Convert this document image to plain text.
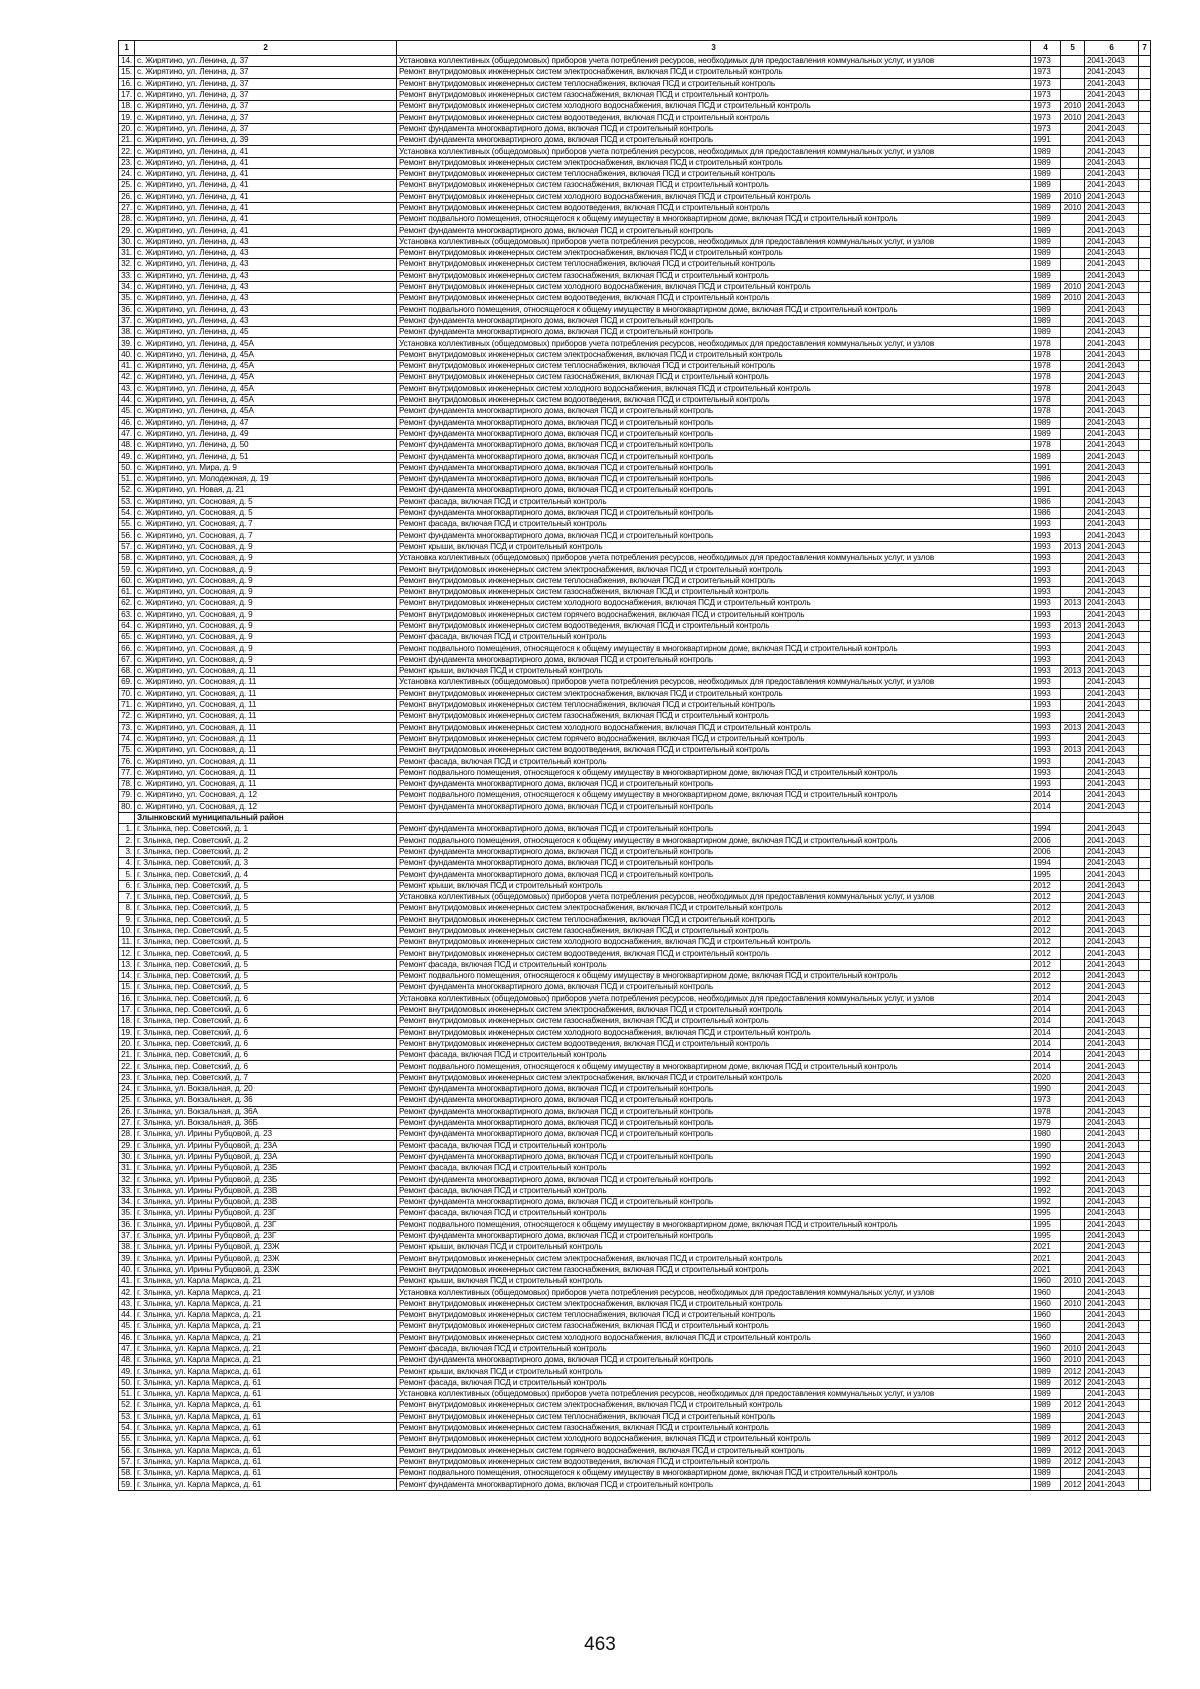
1	2	3	4	5	6	7
14.	с. Жирятино, ул. Ленина, д. 37	Установка коллективных (общедомовых) приборов учета потребления ресурсов, необходимых для предоставления коммунальных услуг, и узлов	1973		2041-2043	
15.	с. Жирятино, ул. Ленина, д. 37	Ремонт внутридомовых инженерных систем электроснабжения, включая ПСД и строительный контроль	1973		2041-2043	
16.	с. Жирятино, ул. Ленина, д. 37	Ремонт внутридомовых инженерных систем теплоснабжения, включая ПСД и строительный контроль	1973		2041-2043	
17.	с. Жирятино, ул. Ленина, д. 37	Ремонт внутридомовых инженерных систем газоснабжения, включая ПСД и строительный контроль	1973		2041-2043	
18.	с. Жирятино, ул. Ленина, д. 37	Ремонт внутридомовых инженерных систем холодного водоснабжения, включая ПСД и строительный контроль	1973	2010	2041-2043	
19.	с. Жирятино, ул. Ленина, д. 37	Ремонт внутридомовых инженерных систем водоотведения, включая ПСД и строительный контроль	1973	2010	2041-2043	
20.	с. Жирятино, ул. Ленина, д. 37	Ремонт фундамента многоквартирного дома, включая ПСД и строительный контроль	1973		2041-2043	
21.	с. Жирятино, ул. Ленина, д. 39	Ремонт фундамента многоквартирного дома, включая ПСД и строительный контроль	1991		2041-2043	
22.	с. Жирятино, ул. Ленина, д. 41	Установка коллективных (общедомовых) приборов учета потребления ресурсов, необходимых для предоставления коммунальных услуг, и узлов	1989		2041-2043	
23.	с. Жирятино, ул. Ленина, д. 41	Ремонт внутридомовых инженерных систем электроснабжения, включая ПСД и строительный контроль	1989		2041-2043	
24.	с. Жирятино, ул. Ленина, д. 41	Ремонт внутридомовых инженерных систем теплоснабжения, включая ПСД и строительный контроль	1989		2041-2043	
25.	с. Жирятино, ул. Ленина, д. 41	Ремонт внутридомовых инженерных систем газоснабжения, включая ПСД и строительный контроль	1989		2041-2043	
26.	с. Жирятино, ул. Ленина, д. 41	Ремонт внутридомовых инженерных систем холодного водоснабжения, включая ПСД и строительный контроль	1989	2010	2041-2043	
27.	с. Жирятино, ул. Ленина, д. 41	Ремонт внутридомовых инженерных систем водоотведения, включая ПСД и строительный контроль	1989	2010	2041-2043	
28.	с. Жирятино, ул. Ленина, д. 41	Ремонт подвального помещения, относящегося к общему имуществу в многоквартирном доме, включая ПСД и строительный контроль	1989		2041-2043	
29.	с. Жирятино, ул. Ленина, д. 41	Ремонт фундамента многоквартирного дома, включая ПСД и строительный контроль	1989		2041-2043	
30.	с. Жирятино, ул. Ленина, д. 43	Установка коллективных (общедомовых) приборов учета потребления ресурсов, необходимых для предоставления коммунальных услуг, и узлов	1989		2041-2043	
31.	с. Жирятино, ул. Ленина, д. 43	Ремонт внутридомовых инженерных систем электроснабжения, включая ПСД и строительный контроль	1989		2041-2043	
32.	с. Жирятино, ул. Ленина, д. 43	Ремонт внутридомовых инженерных систем теплоснабжения, включая ПСД и строительный контроль	1989		2041-2043	
33.	с. Жирятино, ул. Ленина, д. 43	Ремонт внутридомовых инженерных систем газоснабжения, включая ПСД и строительный контроль	1989		2041-2043	
34.	с. Жирятино, ул. Ленина, д. 43	Ремонт внутридомовых инженерных систем холодного водоснабжения, включая ПСД и строительный контроль	1989	2010	2041-2043	
35.	с. Жирятино, ул. Ленина, д. 43	Ремонт внутридомовых инженерных систем водоотведения, включая ПСД и строительный контроль	1989	2010	2041-2043	
36.	с. Жирятино, ул. Ленина, д. 43	Ремонт подвального помещения, относящегося к общему имуществу в многоквартирном доме, включая ПСД и строительный контроль	1989		2041-2043	
37.	с. Жирятино, ул. Ленина, д. 43	Ремонт фундамента многоквартирного дома, включая ПСД и строительный контроль	1989		2041-2043	
38.	с. Жирятино, ул. Ленина, д. 45	Ремонт фундамента многоквартирного дома, включая ПСД и строительный контроль	1989		2041-2043	
39.	с. Жирятино, ул. Ленина, д. 45А	Установка коллективных (общедомовых) приборов учета потребления ресурсов, необходимых для предоставления коммунальных услуг, и узлов	1978		2041-2043	
40.	с. Жирятино, ул. Ленина, д. 45А	Ремонт внутридомовых инженерных систем электроснабжения, включая ПСД и строительный контроль	1978		2041-2043	
41.	с. Жирятино, ул. Ленина, д. 45А	Ремонт внутридомовых инженерных систем теплоснабжения, включая ПСД и строительный контроль	1978		2041-2043	
42.	с. Жирятино, ул. Ленина, д. 45А	Ремонт внутридомовых инженерных систем газоснабжения, включая ПСД и строительный контроль	1978		2041-2043	
43.	с. Жирятино, ул. Ленина, д. 45А	Ремонт внутридомовых инженерных систем холодного водоснабжения, включая ПСД и строительный контроль	1978		2041-2043	
44.	с. Жирятино, ул. Ленина, д. 45А	Ремонт внутридомовых инженерных систем водоотведения, включая ПСД и строительный контроль	1978		2041-2043	
45.	с. Жирятино, ул. Ленина, д. 45А	Ремонт фундамента многоквартирного дома, включая ПСД и строительный контроль	1978		2041-2043	
46.	с. Жирятино, ул. Ленина, д. 47	Ремонт фундамента многоквартирного дома, включая ПСД и строительный контроль	1989		2041-2043	
47.	с. Жирятино, ул. Ленина, д. 49	Ремонт фундамента многоквартирного дома, включая ПСД и строительный контроль	1989		2041-2043	
48.	с. Жирятино, ул. Ленина, д. 50	Ремонт фундамента многоквартирного дома, включая ПСД и строительный контроль	1978		2041-2043	
49.	с. Жирятино, ул. Ленина, д. 51	Ремонт фундамента многоквартирного дома, включая ПСД и строительный контроль	1989		2041-2043	
50.	с. Жирятино, ул. Мира, д. 9	Ремонт фундамента многоквартирного дома, включая ПСД и строительный контроль	1991		2041-2043	
51.	с. Жирятино, ул. Молодежная, д. 19	Ремонт фундамента многоквартирного дома, включая ПСД и строительный контроль	1986		2041-2043	
52.	с. Жирятино, ул. Новая, д. 21	Ремонт фундамента многоквартирного дома, включая ПСД и строительный контроль	1991		2041-2043	
53.	с. Жирятино, ул. Сосновая, д. 5	Ремонт фасада, включая ПСД и строительный контроль	1986		2041-2043	
54.	с. Жирятино, ул. Сосновая, д. 5	Ремонт фундамента многоквартирного дома, включая ПСД и строительный контроль	1986		2041-2043	
55.	с. Жирятино, ул. Сосновая, д. 7	Ремонт фасада, включая ПСД и строительный контроль	1993		2041-2043	
56.	с. Жирятино, ул. Сосновая, д. 7	Ремонт фундамента многоквартирного дома, включая ПСД и строительный контроль	1993		2041-2043	
57.	с. Жирятино, ул. Сосновая, д. 9	Ремонт крыши, включая ПСД и строительный контроль	1993	2013	2041-2043	
58.	с. Жирятино, ул. Сосновая, д. 9	Установка коллективных (общедомовых) приборов учета потребления ресурсов, необходимых для предоставления коммунальных услуг, и узлов	1993		2041-2043	
59.	с. Жирятино, ул. Сосновая, д. 9	Ремонт внутридомовых инженерных систем электроснабжения, включая ПСД и строительный контроль	1993		2041-2043	
60.	с. Жирятино, ул. Сосновая, д. 9	Ремонт внутридомовых инженерных систем теплоснабжения, включая ПСД и строительный контроль	1993		2041-2043	
61.	с. Жирятино, ул. Сосновая, д. 9	Ремонт внутридомовых инженерных систем газоснабжения, включая ПСД и строительный контроль	1993		2041-2043	
62.	с. Жирятино, ул. Сосновая, д. 9	Ремонт внутридомовых инженерных систем холодного водоснабжения, включая ПСД и строительный контроль	1993	2013	2041-2043	
63.	с. Жирятино, ул. Сосновая, д. 9	Ремонт внутридомовых инженерных систем горячего водоснабжения, включая ПСД и строительный контроль	1993		2041-2043	
64.	с. Жирятино, ул. Сосновая, д. 9	Ремонт внутридомовых инженерных систем водоотведения, включая ПСД и строительный контроль	1993	2013	2041-2043	
65.	с. Жирятино, ул. Сосновая, д. 9	Ремонт фасада, включая ПСД и строительный контроль	1993		2041-2043	
66.	с. Жирятино, ул. Сосновая, д. 9	Ремонт подвального помещения, относящегося к общему имуществу в многоквартирном доме, включая ПСД и строительный контроль	1993		2041-2043	
67.	с. Жирятино, ул. Сосновая, д. 9	Ремонт фундамента многоквартирного дома, включая ПСД и строительный контроль	1993		2041-2043	
68.	с. Жирятино, ул. Сосновая, д. 11	Ремонт крыши, включая ПСД и строительный контроль	1993	2013	2041-2043	
69.	с. Жирятино, ул. Сосновая, д. 11	Установка коллективных (общедомовых) приборов учета потребления ресурсов, необходимых для предоставления коммунальных услуг, и узлов	1993		2041-2043	
70.	с. Жирятино, ул. Сосновая, д. 11	Ремонт внутридомовых инженерных систем электроснабжения, включая ПСД и строительный контроль	1993		2041-2043	
71.	с. Жирятино, ул. Сосновая, д. 11	Ремонт внутридомовых инженерных систем теплоснабжения, включая ПСД и строительный контроль	1993		2041-2043	
72.	с. Жирятино, ул. Сосновая, д. 11	Ремонт внутридомовых инженерных систем газоснабжения, включая ПСД и строительный контроль	1993		2041-2043	
73.	с. Жирятино, ул. Сосновая, д. 11	Ремонт внутридомовых инженерных систем холодного водоснабжения, включая ПСД и строительный контроль	1993	2013	2041-2043	
74.	с. Жирятино, ул. Сосновая, д. 11	Ремонт внутридомовых инженерных систем горячего водоснабжения, включая ПСД и строительный контроль	1993		2041-2043	
75.	с. Жирятино, ул. Сосновая, д. 11	Ремонт внутридомовых инженерных систем водоотведения, включая ПСД и строительный контроль	1993	2013	2041-2043	
76.	с. Жирятино, ул. Сосновая, д. 11	Ремонт фасада, включая ПСД и строительный контроль	1993		2041-2043	
77.	с. Жирятино, ул. Сосновая, д. 11	Ремонт подвального помещения, относящегося к общему имуществу в многоквартирном доме, включая ПСД и строительный контроль	1993		2041-2043	
78.	с. Жирятино, ул. Сосновая, д. 11	Ремонт фундамента многоквартирного дома, включая ПСД и строительный контроль	1993		2041-2043	
79.	с. Жирятино, ул. Сосновая, д. 12	Ремонт подвального помещения, относящегося к общему имуществу в многоквартирном доме, включая ПСД и строительный контроль	2014		2041-2043	
80.	с. Жирятино, ул. Сосновая, д. 12	Ремонт фундамента многоквартирного дома, включая ПСД и строительный контроль	2014		2041-2043	
	Злынковский муниципальный район					
1.	г. Злынка, пер. Советский, д. 1	Ремонт фундамента многоквартирного дома, включая ПСД и строительный контроль	1994		2041-2043	
2.	г. Злынка, пер. Советский, д. 2	Ремонт подвального помещения, относящегося к общему имуществу в многоквартирном доме, включая ПСД и строительный контроль	2006		2041-2043	
3.	г. Злынка, пер. Советский, д. 2	Ремонт фундамента многоквартирного дома, включая ПСД и строительный контроль	2006		2041-2043	
4.	г. Злынка, пер. Советский, д. 3	Ремонт фундамента многоквартирного дома, включая ПСД и строительный контроль	1994		2041-2043	
5.	г. Злынка, пер. Советский, д. 4	Ремонт фундамента многоквартирного дома, включая ПСД и строительный контроль	1995		2041-2043	
6.	г. Злынка, пер. Советский, д. 5	Ремонт крыши, включая ПСД и строительный контроль	2012		2041-2043	
7.	г. Злынка, пер. Советский, д. 5	Установка коллективных (общедомовых) приборов учета потребления ресурсов, необходимых для предоставления коммунальных услуг, и узлов	2012		2041-2043	
8.	г. Злынка, пер. Советский, д. 5	Ремонт внутридомовых инженерных систем электроснабжения, включая ПСД и строительный контроль	2012		2041-2043	
9.	г. Злынка, пер. Советский, д. 5	Ремонт внутридомовых инженерных систем теплоснабжения, включая ПСД и строительный контроль	2012		2041-2043	
10.	г. Злынка, пер. Советский, д. 5	Ремонт внутридомовых инженерных систем газоснабжения, включая ПСД и строительный контроль	2012		2041-2043	
11.	г. Злынка, пер. Советский, д. 5	Ремонт внутридомовых инженерных систем холодного водоснабжения, включая ПСД и строительный контроль	2012		2041-2043	
12.	г. Злынка, пер. Советский, д. 5	Ремонт внутридомовых инженерных систем водоотведения, включая ПСД и строительный контроль	2012		2041-2043	
13.	г. Злынка, пер. Советский, д. 5	Ремонт фасада, включая ПСД и строительный контроль	2012		2041-2043	
14.	г. Злынка, пер. Советский, д. 5	Ремонт подвального помещения, относящегося к общему имуществу в многоквартирном доме, включая ПСД и строительный контроль	2012		2041-2043	
15.	г. Злынка, пер. Советский, д. 5	Ремонт фундамента многоквартирного дома, включая ПСД и строительный контроль	2012		2041-2043	
16.	г. Злынка, пер. Советский, д. 6	Установка коллективных (общедомовых) приборов учета потребления ресурсов, необходимых для предоставления коммунальных услуг, и узлов	2014		2041-2043	
17.	г. Злынка, пер. Советский, д. 6	Ремонт внутридомовых инженерных систем электроснабжения, включая ПСД и строительный контроль	2014		2041-2043	
18.	г. Злынка, пер. Советский, д. 6	Ремонт внутридомовых инженерных систем газоснабжения, включая ПСД и строительный контроль	2014		2041-2043	
19.	г. Злынка, пер. Советский, д. 6	Ремонт внутридомовых инженерных систем холодного водоснабжения, включая ПСД и строительный контроль	2014		2041-2043	
20.	г. Злынка, пер. Советский, д. 6	Ремонт внутридомовых инженерных систем водоотведения, включая ПСД и строительный контроль	2014		2041-2043	
21.	г. Злынка, пер. Советский, д. 6	Ремонт фасада, включая ПСД и строительный контроль	2014		2041-2043	
22.	г. Злынка, пер. Советский, д. 6	Ремонт подвального помещения, относящегося к общему имуществу в многоквартирном доме, включая ПСД и строительный контроль	2014		2041-2043	
23.	г. Злынка, пер. Советский, д. 7	Ремонт внутридомовых инженерных систем электроснабжения, включая ПСД и строительный контроль	2020		2041-2043	
24.	г. Злынка, ул. Вокзальная, д. 20	Ремонт фундамента многоквартирного дома, включая ПСД и строительный контроль	1990		2041-2043	
25.	г. Злынка, ул. Вокзальная, д. 36	Ремонт фундамента многоквартирного дома, включая ПСД и строительный контроль	1973		2041-2043	
26.	г. Злынка, ул. Вокзальная, д. 36А	Ремонт фундамента многоквартирного дома, включая ПСД и строительный контроль	1978		2041-2043	
27.	г. Злынка, ул. Вокзальная, д. 36Б	Ремонт фундамента многоквартирного дома, включая ПСД и строительный контроль	1979		2041-2043	
28.	г. Злынка, ул. Ирины Рубцовой, д. 23	Ремонт фундамента многоквартирного дома, включая ПСД и строительный контроль	1980		2041-2043	
29.	г. Злынка, ул. Ирины Рубцовой, д. 23А	Ремонт фасада, включая ПСД и строительный контроль	1990		2041-2043	
30.	г. Злынка, ул. Ирины Рубцовой, д. 23А	Ремонт фундамента многоквартирного дома, включая ПСД и строительный контроль	1990		2041-2043	
31.	г. Злынка, ул. Ирины Рубцовой, д. 23Б	Ремонт фасада, включая ПСД и строительный контроль	1992		2041-2043	
32.	г. Злынка, ул. Ирины Рубцовой, д. 23Б	Ремонт фундамента многоквартирного дома, включая ПСД и строительный контроль	1992		2041-2043	
33.	г. Злынка, ул. Ирины Рубцовой, д. 23В	Ремонт фасада, включая ПСД и строительный контроль	1992		2041-2043	
34.	г. Злынка, ул. Ирины Рубцовой, д. 23В	Ремонт фундамента многоквартирного дома, включая ПСД и строительный контроль	1992		2041-2043	
35.	г. Злынка, ул. Ирины Рубцовой, д. 23Г	Ремонт фасада, включая ПСД и строительный контроль	1995		2041-2043	
36.	г. Злынка, ул. Ирины Рубцовой, д. 23Г	Ремонт подвального помещения, относящегося к общему имуществу в многоквартирном доме, включая ПСД и строительный контроль	1995		2041-2043	
37.	г. Злынка, ул. Ирины Рубцовой, д. 23Г	Ремонт фундамента многоквартирного дома, включая ПСД и строительный контроль	1995		2041-2043	
38.	г. Злынка, ул. Ирины Рубцовой, д. 23Ж	Ремонт крыши, включая ПСД и строительный контроль	2021		2041-2043	
39.	г. Злынка, ул. Ирины Рубцовой, д. 23Ж	Ремонт внутридомовых инженерных систем электроснабжения, включая ПСД и строительный контроль	2021		2041-2043	
40.	г. Злынка, ул. Ирины Рубцовой, д. 23Ж	Ремонт внутридомовых инженерных систем газоснабжения, включая ПСД и строительный контроль	2021		2041-2043	
41.	г. Злынка, ул. Карла Маркса, д. 21	Ремонт крыши, включая ПСД и строительный контроль	1960	2010	2041-2043	
42.	г. Злынка, ул. Карла Маркса, д. 21	Установка коллективных (общедомовых) приборов учета потребления ресурсов, необходимых для предоставления коммунальных услуг, и узлов	1960		2041-2043	
43.	г. Злынка, ул. Карла Маркса, д. 21	Ремонт внутридомовых инженерных систем электроснабжения, включая ПСД и строительный контроль	1960	2010	2041-2043	
44.	г. Злынка, ул. Карла Маркса, д. 21	Ремонт внутридомовых инженерных систем теплоснабжения, включая ПСД и строительный контроль	1960		2041-2043	
45.	г. Злынка, ул. Карла Маркса, д. 21	Ремонт внутридомовых инженерных систем газоснабжения, включая ПСД и строительный контроль	1960		2041-2043	
46.	г. Злынка, ул. Карла Маркса, д. 21	Ремонт внутридомовых инженерных систем холодного водоснабжения, включая ПСД и строительный контроль	1960		2041-2043	
47.	г. Злынка, ул. Карла Маркса, д. 21	Ремонт фасада, включая ПСД и строительный контроль	1960	2010	2041-2043	
48.	г. Злынка, ул. Карла Маркса, д. 21	Ремонт фундамента многоквартирного дома, включая ПСД и строительный контроль	1960	2010	2041-2043	
49.	г. Злынка, ул. Карла Маркса, д. 61	Ремонт крыши, включая ПСД и строительный контроль	1989	2012	2041-2043	
50.	г. Злынка, ул. Карла Маркса, д. 61	Ремонт фасада, включая ПСД и строительный контроль	1989	2012	2041-2043	
51.	г. Злынка, ул. Карла Маркса, д. 61	Установка коллективных (общедомовых) приборов учета потребления ресурсов, необходимых для предоставления коммунальных услуг, и узлов	1989		2041-2043	
52.	г. Злынка, ул. Карла Маркса, д. 61	Ремонт внутридомовых инженерных систем электроснабжения, включая ПСД и строительный контроль	1989	2012	2041-2043	
53.	г. Злынка, ул. Карла Маркса, д. 61	Ремонт внутридомовых инженерных систем теплоснабжения, включая ПСД и строительный контроль	1989		2041-2043	
54.	г. Злынка, ул. Карла Маркса, д. 61	Ремонт внутридомовых инженерных систем газоснабжения, включая ПСД и строительный контроль	1989		2041-2043	
55.	г. Злынка, ул. Карла Маркса, д. 61	Ремонт внутридомовых инженерных систем холодного водоснабжения, включая ПСД и строительный контроль	1989	2012	2041-2043	
56.	г. Злынка, ул. Карла Маркса, д. 61	Ремонт внутридомовых инженерных систем горячего водоснабжения, включая ПСД и строительный контроль	1989	2012	2041-2043	
57.	г. Злынка, ул. Карла Маркса, д. 61	Ремонт внутридомовых инженерных систем водоотведения, включая ПСД и строительный контроль	1989	2012	2041-2043	
58.	г. Злынка, ул. Карла Маркса, д. 61	Ремонт подвального помещения, относящегося к общему имуществу в многоквартирном доме, включая ПСД и строительный контроль	1989		2041-2043	
59.	г. Злынка, ул. Карла Маркса, д. 61	Ремонт фундамента многоквартирного дома, включая ПСД и строительный контроль	1989	2012	2041-2043	
463
